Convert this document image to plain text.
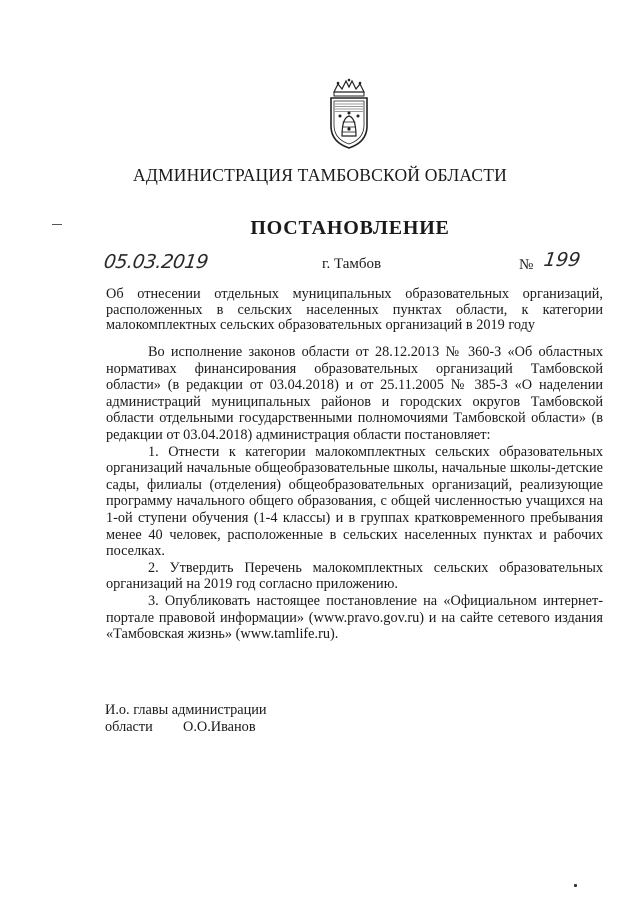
АДМИНИСТРАЦИЯ ТАМБОВСКОЙ ОБЛАСТИ
ПОСТАНОВЛЕНИЕ
05.03.2019	г. Тамбов	№ 199
Об отнесении отдельных муниципальных образовательных организаций, расположенных в сельских населенных пунктах области, к категории малокомплектных сельских образовательных организаций в 2019 году

Во исполнение законов области от 28.12.2013 № 360-З «Об областных нормативах финансирования образовательных организаций Тамбовской области» (в редакции от 03.04.2018) и от 25.11.2005 № 385-З «О наделении администраций муниципальных районов и городских округов Тамбовской области отдельными государственными полномочиями Тамбовской области» (в редакции от 03.04.2018) администрация области постановляет:

1. Отнести к категории малокомплектных сельских образовательных организаций начальные общеобразовательные школы, начальные школы-детские сады, филиалы (отделения) общеобразовательных организаций, реализующие программу начального общего образования, с общей численностью учащихся на 1-ой ступени обучения (1-4 классы) и в группах кратковременного пребывания менее 40 человек, расположенные в сельских населенных пунктах и рабочих поселках.

2. Утвердить Перечень малокомплектных сельских образовательных организаций на 2019 год согласно приложению.

3. Опубликовать настоящее постановление на «Официальном интернет-портале правовой информации» (www.pravo.gov.ru) и на сайте сетевого издания «Тамбовская жизнь» (www.tamlife.ru).

И.о. главы администрации
области О.О.Иванов
